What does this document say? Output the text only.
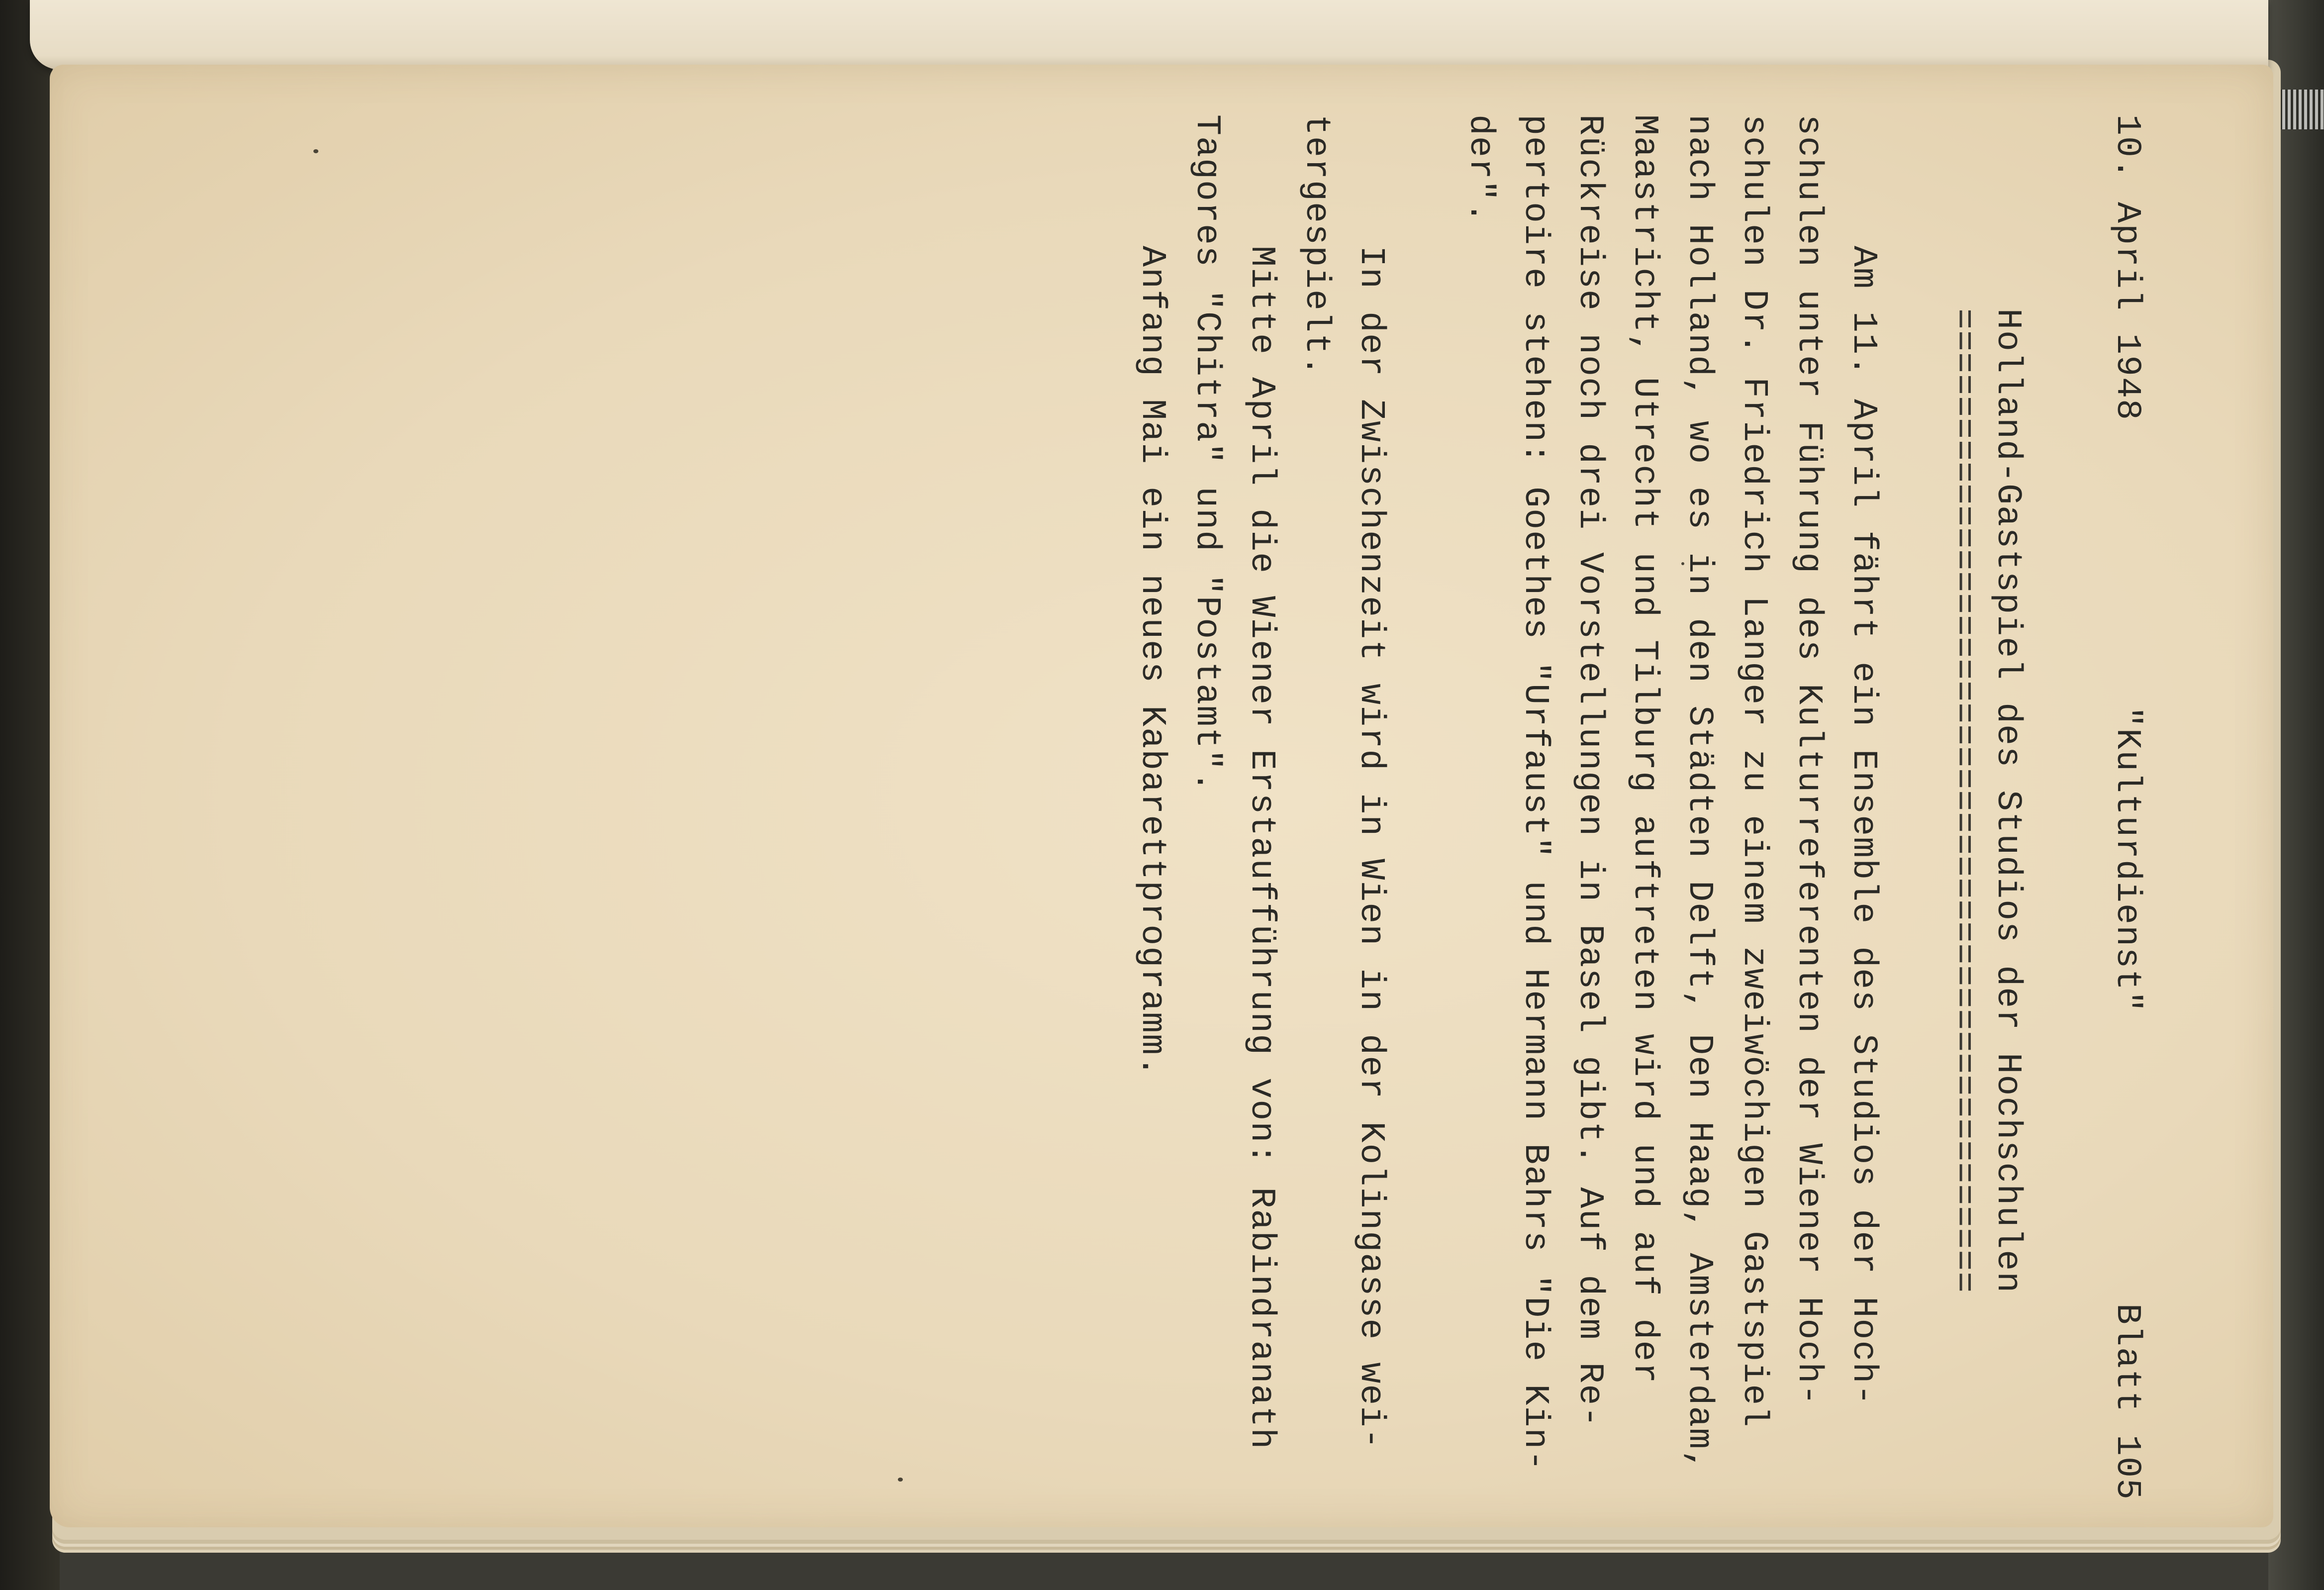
10. April 1948
"Kulturdienst"
Blatt 105
Holland-Gastspiel des Studios der Hochschulen
=============================================
Am 11. April fährt ein Ensemble des Studios der Hoch-
schulen unter Führung des Kulturreferenten der Wiener Hoch-
schulen Dr. Friedrich Langer zu einem zweiwöchigen Gastspiel
nach Holland, wo es in den Städten Delft, Den Haag, Amsterdam,
Maastricht, Utrecht und Tilburg auftreten wird und auf der
Rückreise noch drei Vorstellungen in Basel gibt. Auf dem Re-
pertoire stehen: Goethes "Urfaust" und Hermann Bahrs "Die Kin-
der".
In der Zwischenzeit wird in Wien in der Kolingasse wei-
tergespielt.
Mitte April die Wiener Erstaufführung von: Rabindranath
Tagores "Chitra" und "Postamt".
Anfang Mai ein neues Kabarettprogramm.
